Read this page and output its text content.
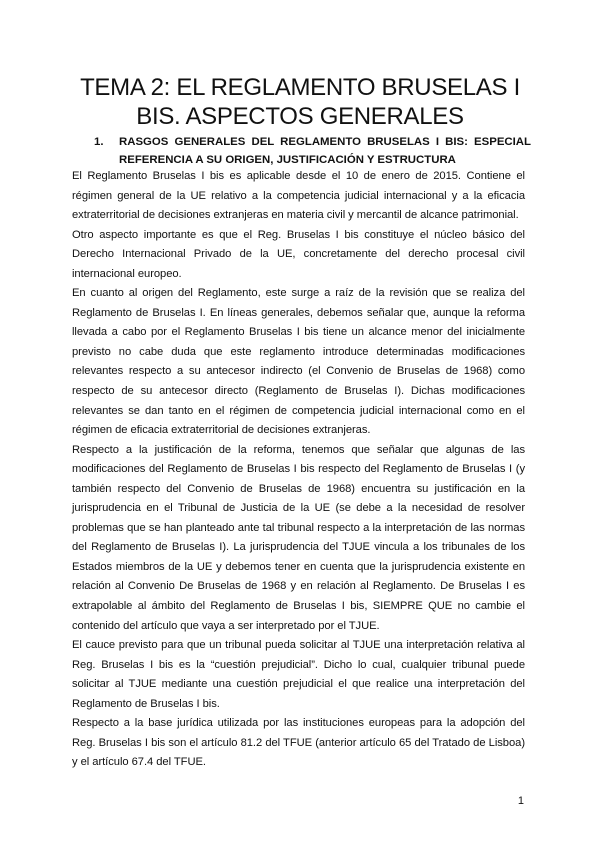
TEMA 2: EL REGLAMENTO BRUSELAS I
BIS. ASPECTOS GENERALES
1.	RASGOS GENERALES DEL REGLAMENTO BRUSELAS I BIS: ESPECIAL REFERENCIA A SU ORIGEN, JUSTIFICACIÓN Y ESTRUCTURA

El Reglamento Bruselas I bis es aplicable desde el 10 de enero de 2015. Contiene el régimen general de la UE relativo a la competencia judicial internacional y a la eficacia extraterritorial de decisiones extranjeras en materia civil y mercantil de alcance patrimonial.

Otro aspecto importante es que el Reg. Bruselas I bis constituye el núcleo básico del Derecho Internacional Privado de la UE, concretamente del derecho procesal civil internacional europeo.

En cuanto al origen del Reglamento, este surge a raíz de la revisión que se realiza del Reglamento de Bruselas I. En líneas generales, debemos señalar que, aunque la reforma llevada a cabo por el Reglamento Bruselas I bis tiene un alcance menor del inicialmente previsto no cabe duda que este reglamento introduce determinadas modificaciones relevantes respecto a su antecesor indirecto (el Convenio de Bruselas de 1968) como respecto de su antecesor directo (Reglamento de Bruselas I). Dichas modificaciones relevantes se dan tanto en el régimen de competencia judicial internacional como en el régimen de eficacia extraterritorial de decisiones extranjeras.

Respecto a la justificación de la reforma, tenemos que señalar que algunas de las modificaciones del Reglamento de Bruselas I bis respecto del Reglamento de Bruselas I (y también respecto del Convenio de Bruselas de 1968) encuentra su justificación en la jurisprudencia en el Tribunal de Justicia de la UE (se debe a la necesidad de resolver problemas que se han planteado ante tal tribunal respecto a la interpretación de las normas del Reglamento de Bruselas I). La jurisprudencia del TJUE vincula a los tribunales de los Estados miembros de la UE y debemos tener en cuenta que la jurisprudencia existente en relación al Convenio De Bruselas de 1968 y en relación al Reglamento. De Bruselas I es extrapolable al ámbito del Reglamento de Bruselas I bis, SIEMPRE QUE no cambie el contenido del artículo que vaya a ser interpretado por el TJUE.

El cauce previsto para que un tribunal pueda solicitar al TJUE una interpretación relativa al Reg. Bruselas I bis es la “cuestión prejudicial”. Dicho lo cual, cualquier tribunal puede solicitar al TJUE mediante una cuestión prejudicial el que realice una interpretación del Reglamento de Bruselas I bis.

Respecto a la base jurídica utilizada por las instituciones europeas para la adopción del Reg. Bruselas I bis son el artículo 81.2 del TFUE (anterior artículo 65 del Tratado de Lisboa) y el artículo 67.4 del TFUE.

1
